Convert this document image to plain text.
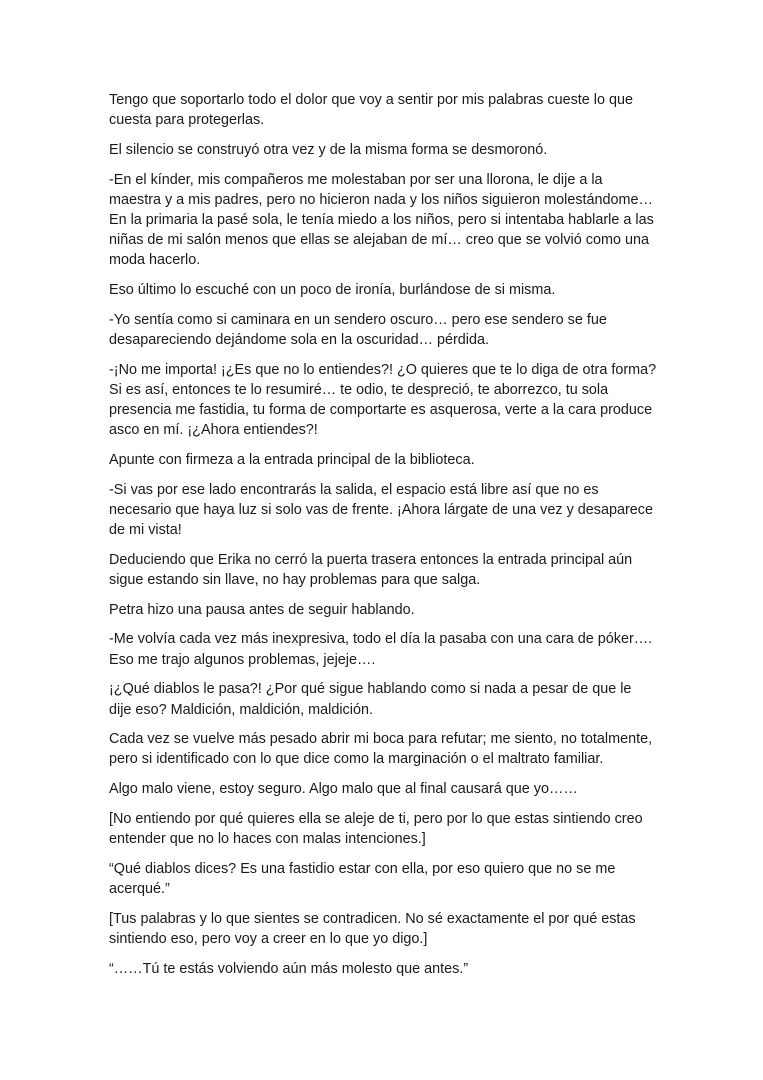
Tengo que soportarlo todo el dolor que voy a sentir por mis palabras cueste lo que cuesta para protegerlas.

El silencio se construyó otra vez y de la misma forma se desmoronó.

-En el kínder, mis compañeros me molestaban por ser una llorona, le dije a la maestra y a mis padres, pero no hicieron nada y los niños siguieron molestándome… En la primaria la pasé sola, le tenía miedo a los niños, pero si intentaba hablarle a las niñas de mi salón menos que ellas se alejaban de mí… creo que se volvió como una moda hacerlo.

Eso último lo escuché con un poco de ironía, burlándose de si misma.

-Yo sentía como si caminara en un sendero oscuro… pero ese sendero se fue desapareciendo dejándome sola en la oscuridad… pérdida.

-¡No me importa! ¡¿Es que no lo entiendes?! ¿O quieres que te lo diga de otra forma? Si es así, entonces te lo resumiré… te odio, te despreció, te aborrezco, tu sola presencia me fastidia, tu forma de comportarte es asquerosa, verte a la cara produce asco en mí. ¡¿Ahora entiendes?!

Apunte con firmeza a la entrada principal de la biblioteca.

-Si vas por ese lado encontrarás la salida, el espacio está libre así que no es necesario que haya luz si solo vas de frente. ¡Ahora lárgate de una vez y desaparece de mi vista!

Deduciendo que Erika no cerró la puerta trasera entonces la entrada principal aún sigue estando sin llave, no hay problemas para que salga.

Petra hizo una pausa antes de seguir hablando.

-Me volvía cada vez más inexpresiva, todo el día la pasaba con una cara de póker…. Eso me trajo algunos problemas, jejeje….

¡¿Qué diablos le pasa?! ¿Por qué sigue hablando como si nada a pesar de que le dije eso? Maldición, maldición, maldición.

Cada vez se vuelve más pesado abrir mi boca para refutar; me siento, no totalmente, pero si identificado con lo que dice como la marginación o el maltrato familiar.

Algo malo viene, estoy seguro. Algo malo que al final causará que yo……

[No entiendo por qué quieres ella se aleje de ti, pero por lo que estas sintiendo creo entender que no lo haces con malas intenciones.]

“Qué diablos dices? Es una fastidio estar con ella, por eso quiero que no se me acerqué.”

[Tus palabras y lo que sientes se contradicen. No sé exactamente el por qué estas sintiendo eso, pero voy a creer en lo que yo digo.]

“……Tú te estás volviendo aún más molesto que antes.”
